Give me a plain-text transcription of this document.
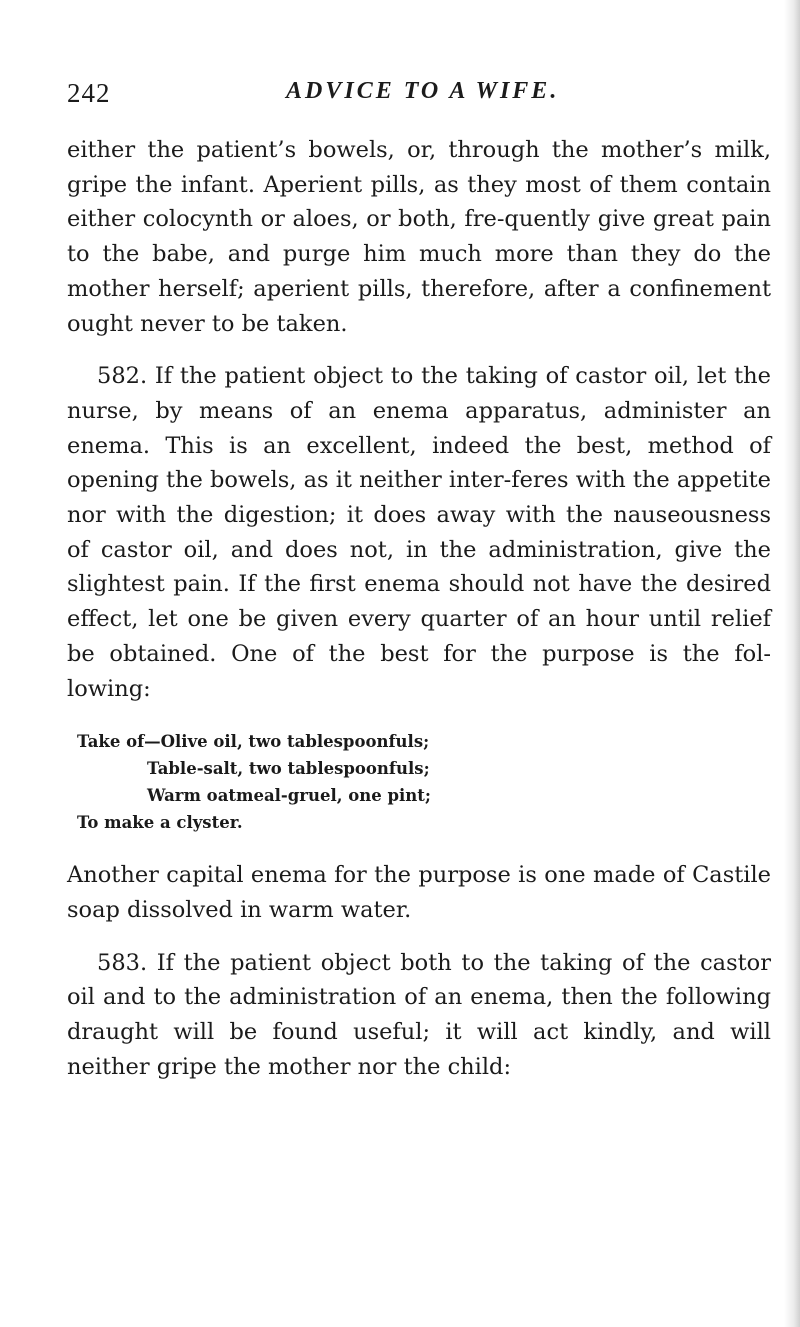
242	ADVICE TO A WIFE.

either the patient’s bowels, or, through the mother’s milk, gripe the infant. Aperient pills, as they most of them contain either colocynth or aloes, or both, fre-quently give great pain to the babe, and purge him much more than they do the mother herself; aperient pills, therefore, after a confinement ought never to be taken.

582. If the patient object to the taking of castor oil, let the nurse, by means of an enema apparatus, administer an enema. This is an excellent, indeed the best, method of opening the bowels, as it neither inter-feres with the appetite nor with the digestion; it does away with the nauseousness of castor oil, and does not, in the administration, give the slightest pain. If the first enema should not have the desired effect, let one be given every quarter of an hour until relief be obtained. One of the best for the purpose is the fol-lowing:

Take of—Olive oil, two tablespoonfuls;
Table-salt, two tablespoonfuls;
Warm oatmeal-gruel, one pint;
To make a clyster.

Another capital enema for the purpose is one made of Castile soap dissolved in warm water.

583. If the patient object both to the taking of the castor oil and to the administration of an enema, then the following draught will be found useful; it will act kindly, and will neither gripe the mother nor the child:
